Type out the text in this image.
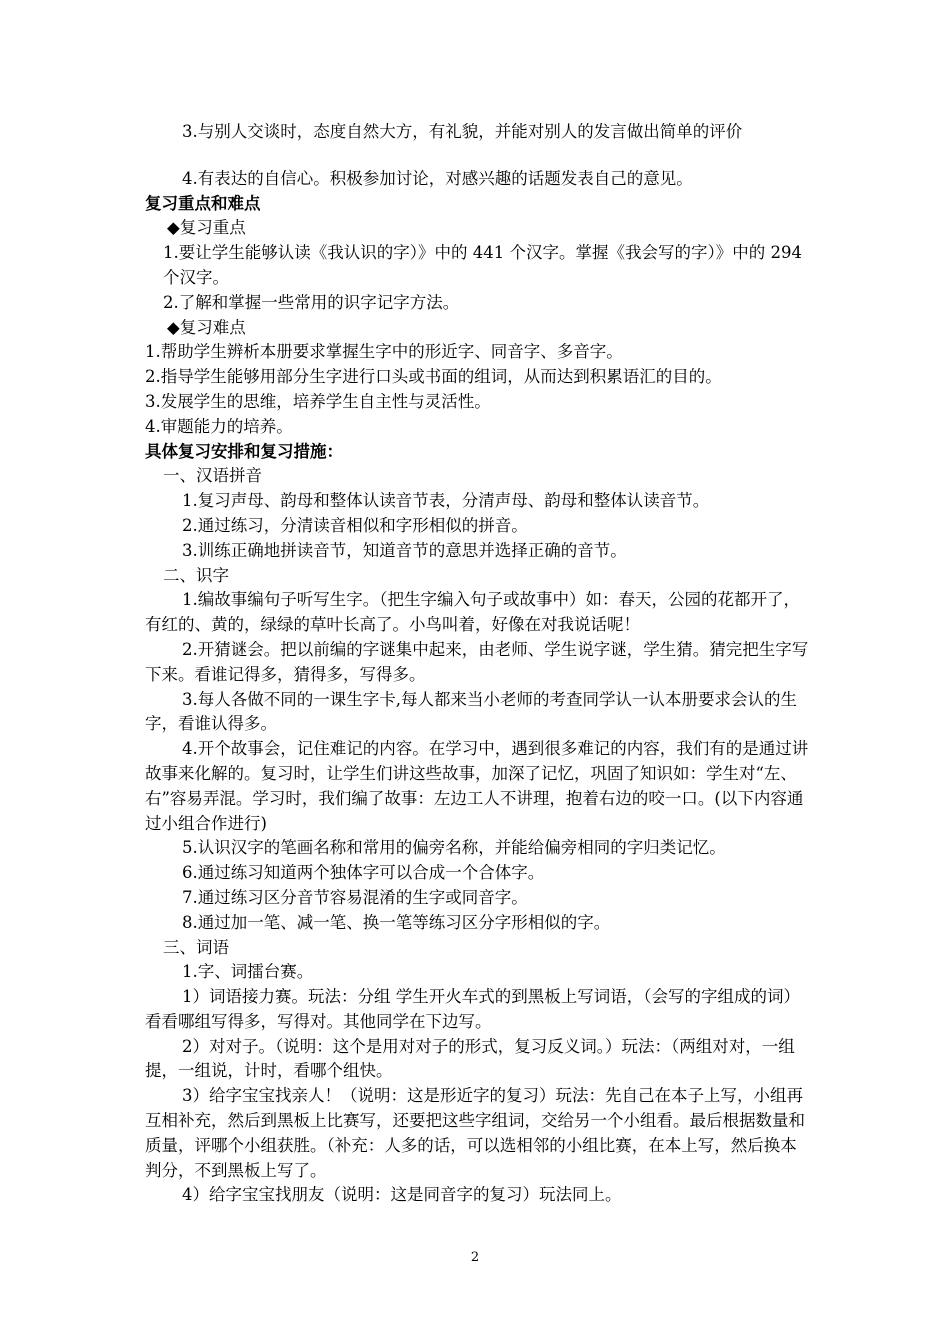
3.与别人交谈时，态度自然大方，有礼貌，并能对别人的发言做出简单的评价

4.有表达的自信心。积极参加讨论，对感兴趣的话题发表自己的意见。

复习重点和难点

◆复习重点

1.要让学生能够认读《我认识的字）》中的 441 个汉字。掌握《我会写的字）》中的 294 个汉字。

2.了解和掌握一些常用的识字记字方法。

◆复习难点

1.帮助学生辨析本册要求掌握生字中的形近字、同音字、多音字。

2.指导学生能够用部分生字进行口头或书面的组词，从而达到积累语汇的目的。

3.发展学生的思维，培养学生自主性与灵活性。

4.审题能力的培养。

具体复习安排和复习措施：

一、汉语拼音

1.复习声母、韵母和整体认读音节表，分清声母、韵母和整体认读音节。

2.通过练习，分清读音相似和字形相似的拼音。

3.训练正确地拼读音节，知道音节的意思并选择正确的音节。

二、识字

1.编故事编句子听写生字。（把生字编入句子或故事中）如：春天，公园的花都开了，有红的、黄的，绿绿的草叶长高了。小鸟叫着，好像在对我说话呢！

2.开猜谜会。把以前编的字谜集中起来，由老师、学生说字谜，学生猜。猜完把生字写下来。看谁记得多，猜得多，写得多。

3.每人各做不同的一课生字卡,每人都来当小老师的考查同学认一认本册要求会认的生字，看谁认得多。

4.开个故事会，记住难记的内容。在学习中，遇到很多难记的内容，我们有的是通过讲故事来化解的。复习时，让学生们讲这些故事，加深了记忆，巩固了知识如：学生对“左、右”容易弄混。学习时，我们编了故事：左边工人不讲理，抱着右边的咬一口。(以下内容通过小组合作进行)

5.认识汉字的笔画名称和常用的偏旁名称，并能给偏旁相同的字归类记忆。

6.通过练习知道两个独体字可以合成一个合体字。

7.通过练习区分音节容易混淆的生字或同音字。

8.通过加一笔、减一笔、换一笔等练习区分字形相似的字。

三、词语

1.字、词擂台赛。

1）词语接力赛。玩法：分组 学生开火车式的到黑板上写词语，（会写的字组成的词）看看哪组写得多，写得对。其他同学在下边写。

2）对对子。（说明：这个是用对对子的形式，复习反义词。）玩法：（两组对对，一组提，一组说，计时，看哪个组快。

3）给字宝宝找亲人！（说明：这是形近字的复习）玩法：先自己在本子上写，小组再互相补充，然后到黑板上比赛写，还要把这些字组词，交给另一个小组看。最后根据数量和质量，评哪个小组获胜。（补充：人多的话，可以选相邻的小组比赛，在本上写，然后换本判分，不到黑板上写了。

4）给字宝宝找朋友（说明：这是同音字的复习）玩法同上。

2
